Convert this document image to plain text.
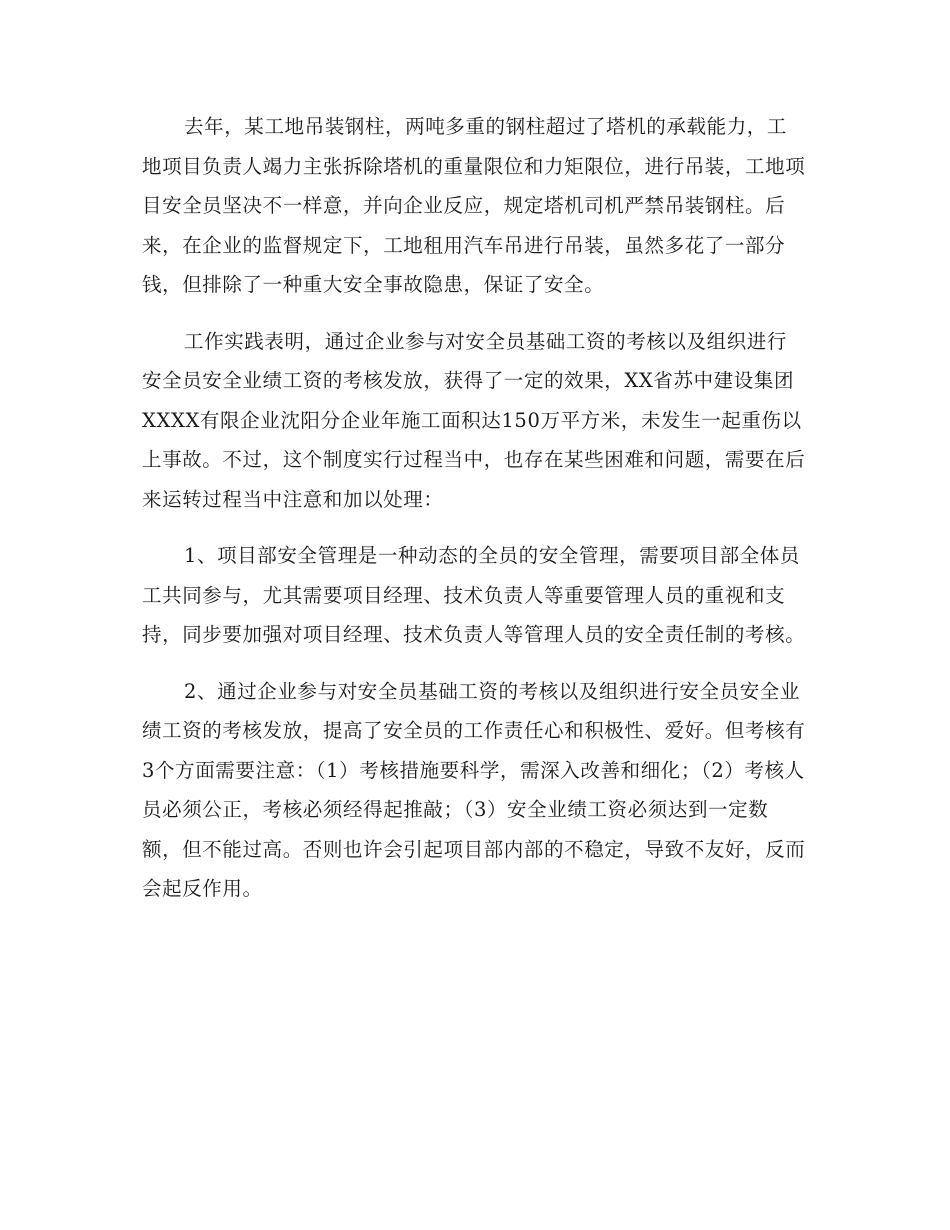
去年，某工地吊装钢柱，两吨多重的钢柱超过了塔机的承载能力，工地项目负责人竭力主张拆除塔机的重量限位和力矩限位，进行吊装，工地项目安全员坚决不一样意，并向企业反应，规定塔机司机严禁吊装钢柱。后来，在企业的监督规定下，工地租用汽车吊进行吊装，虽然多花了一部分钱，但排除了一种重大安全事故隐患，保证了安全。

工作实践表明，通过企业参与对安全员基础工资的考核以及组织进行安全员安全业绩工资的考核发放，获得了一定的效果，XX省苏中建设集团XXXX有限企业沈阳分企业年施工面积达150万平方米，未发生一起重伤以上事故。不过，这个制度实行过程当中，也存在某些困难和问题，需要在后来运转过程当中注意和加以处理：

1、项目部安全管理是一种动态的全员的安全管理，需要项目部全体员工共同参与，尤其需要项目经理、技术负责人等重要管理人员的重视和支持，同步要加强对项目经理、技术负责人等管理人员的安全责任制的考核。

2、通过企业参与对安全员基础工资的考核以及组织进行安全员安全业绩工资的考核发放，提高了安全员的工作责任心和积极性、爱好。但考核有3个方面需要注意：（1）考核措施要科学，需深入改善和细化；（2）考核人员必须公正，考核必须经得起推敲；（3）安全业绩工资必须达到一定数额，但不能过高。否则也许会引起项目部内部的不稳定，导致不友好，反而会起反作用。
